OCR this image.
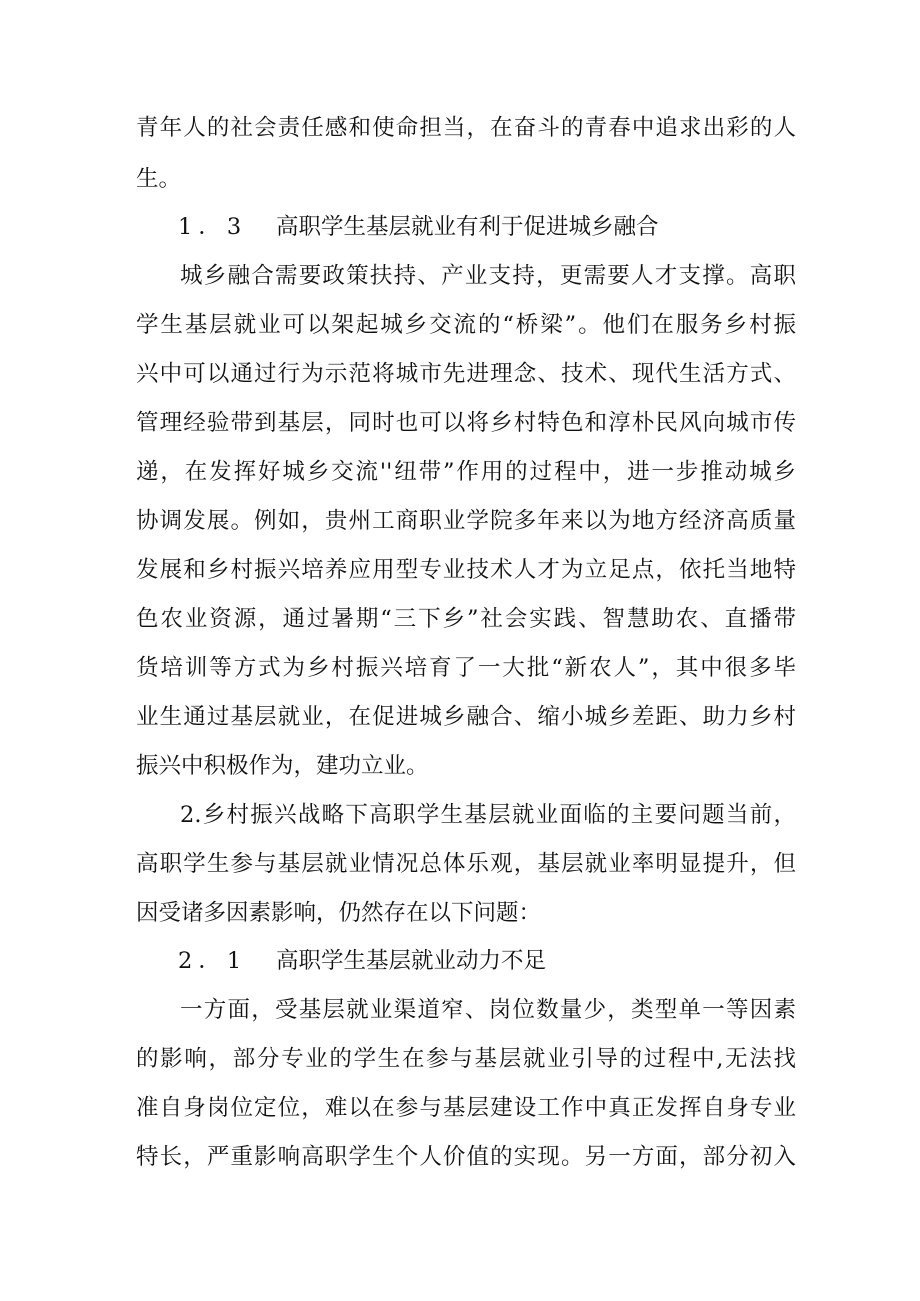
青年人的社会责任感和使命担当，在奋斗的青春中追求出彩的人
生。
1．3 高职学生基层就业有利于促进城乡融合
城乡融合需要政策扶持、产业支持，更需要人才支撑。高职
学生基层就业可以架起城乡交流的“桥梁”。他们在服务乡村振
兴中可以通过行为示范将城市先进理念、技术、现代生活方式、
管理经验带到基层，同时也可以将乡村特色和淳朴民风向城市传
递，在发挥好城乡交流''纽带”作用的过程中，进一步推动城乡
协调发展。例如，贵州工商职业学院多年来以为地方经济高质量
发展和乡村振兴培养应用型专业技术人才为立足点，依托当地特
色农业资源，通过暑期“三下乡”社会实践、智慧助农、直播带
货培训等方式为乡村振兴培育了一大批“新农人”，其中很多毕
业生通过基层就业，在促进城乡融合、缩小城乡差距、助力乡村
振兴中积极作为，建功立业。
2.乡村振兴战略下高职学生基层就业面临的主要问题当前，
高职学生参与基层就业情况总体乐观，基层就业率明显提升，但
因受诸多因素影响，仍然存在以下问题：
2．1 高职学生基层就业动力不足
一方面，受基层就业渠道窄、岗位数量少，类型单一等因素
的影响，部分专业的学生在参与基层就业引导的过程中,无法找
准自身岗位定位，难以在参与基层建设工作中真正发挥自身专业
特长，严重影响高职学生个人价值的实现。另一方面，部分初入
